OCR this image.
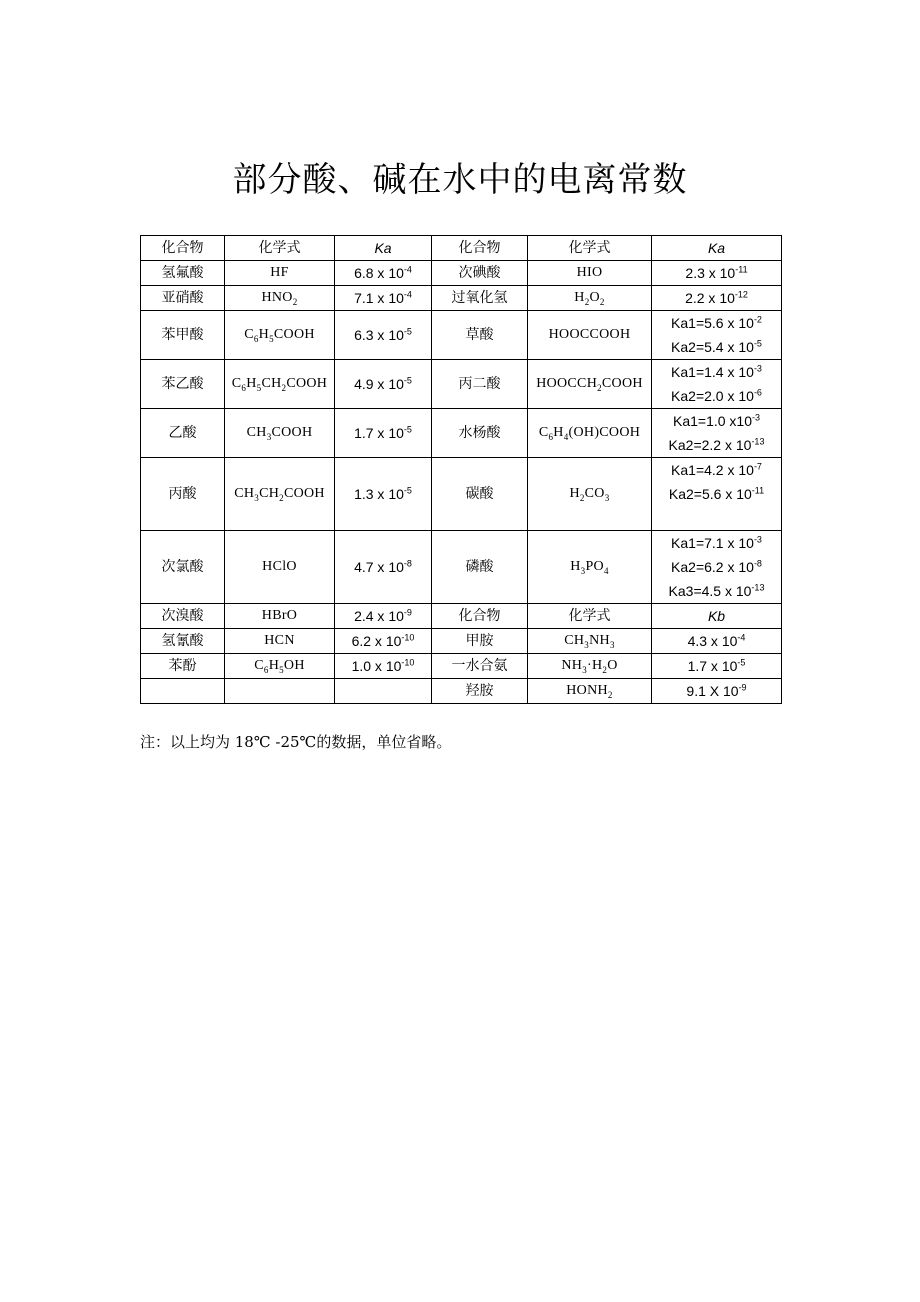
部分酸、碱在水中的电离常数
化合物	化学式	Ka	化合物	化学式	Ka
氢氟酸	HF	6.8 x $10^{-4}$	次碘酸	HIO	2.3 x $10^{-11}$
亚硝酸	$HNO_2$	7.1 x $10^{-4}$	过氧化氢	$H_2O_2$	2.2 x $10^{-12}$
苯甲酸	$C_6H_5COOH$	6.3 x $10^{-5}$	草酸	HOOCCOOH	Ka1=5.6 x $10^{-2}$
Ka2=5.4 x $10^{-5}$

苯乙酸	$C_6H_5CH_2COOH$	4.9 x $10^{-5}$	丙二酸	$HOOCCH_2COOH$	Ka1=1.4 x $10^{-3}$
Ka2=2.0 x $10^{-6}$

乙酸	$CH_3COOH$	1.7 x $10^{-5}$	水杨酸	$C_6H_4(OH)COOH$	Ka1=1.0 $x10^{-3}$
Ka2=2.2 x $10^{-13}$

丙酸	$CH_3CH_2COOH$	1.3 x $10^{-5}$	碳酸	$H_2CO_3$	Ka1=4.2 x $10^{-7}$
Ka2=5.6 x $10^{-11}$

次氯酸	HClO	4.7 x $10^{-8}$	磷酸	$H_3PO_4$	Ka1=7.1 x $10^{-3}$
Ka2=6.2 x $10^{-8}$
Ka3=4.5 x $10^{-13}$

次溴酸	HBrO	2.4 x $10^{-9}$	化合物	化学式	Kb
氢氰酸	HCN	6.2 x $10^{-10}$	甲胺	$CH_3NH_3$	4.3 x $10^{-4}$
苯酚	$C_6H_5OH$	1.0 x $10^{-10}$	一水合氨	$NH_3\cdot H_2O$	1.7 x $10^{-5}$
			羟胺	$HONH_2$	9.1 X $10^{-9}$

注：以上均为 18℃ -25℃的数据，单位省略。
